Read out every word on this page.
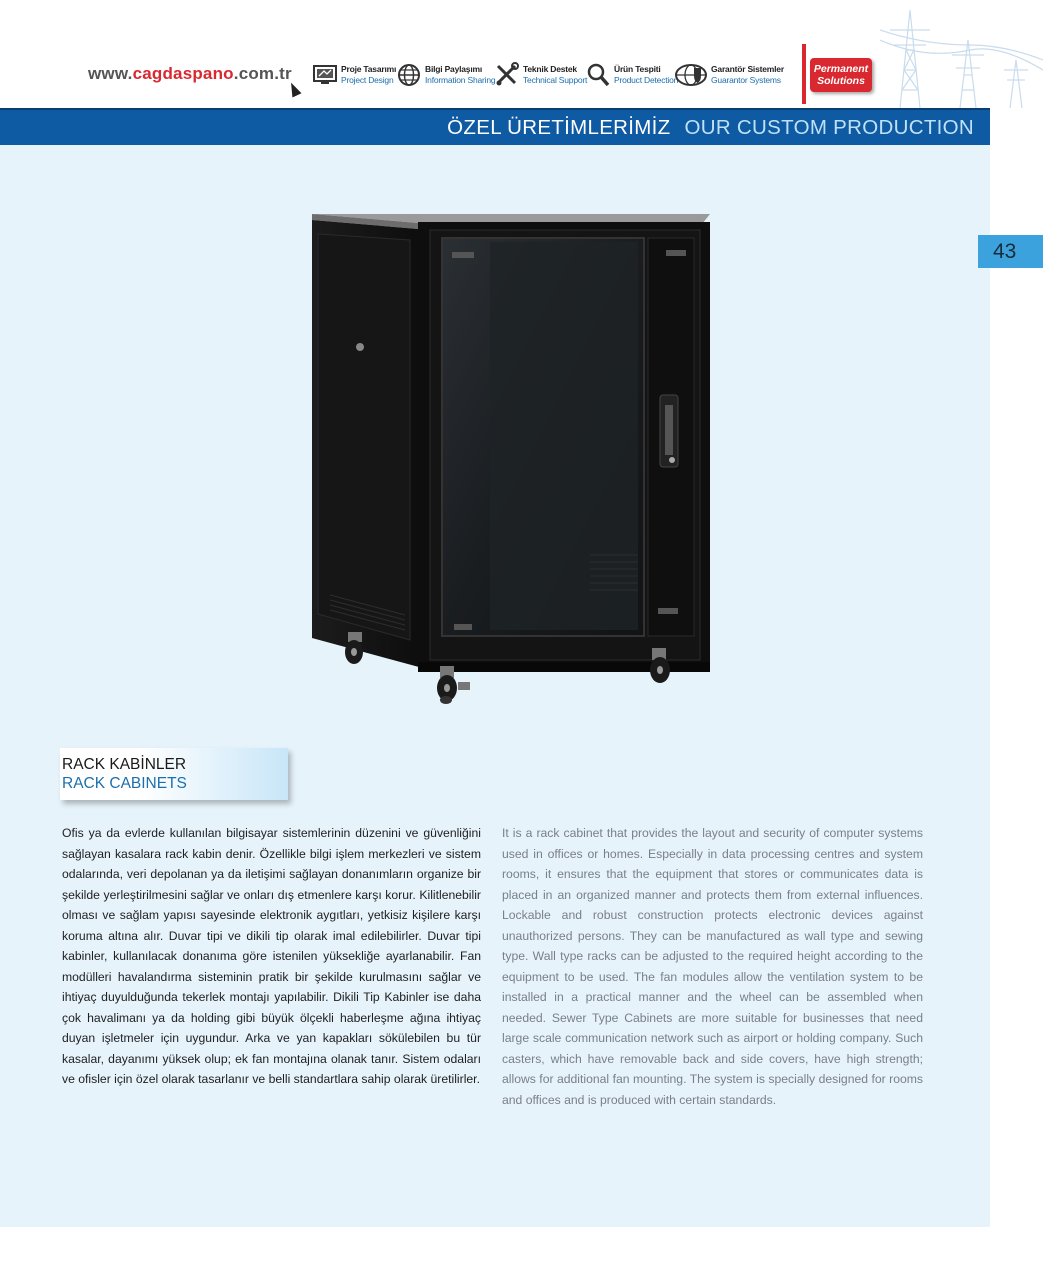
www.cagdaspano.com.tr	Proje Tasarımı
Project Design
Bilgi Paylaşımı
Information Sharing
Teknik Destek
Technical Support
Ürün Tespiti
Product Detection
Garantör Sistemler
Guarantor Systems
Permanent
Solutions
ÖZEL ÜRETİMLERİMİZ OUR CUSTOM PRODUCTION
43
RACK KABİNLER
RACK CABINETS
Ofis ya da evlerde kullanılan bilgisayar sistemlerinin düzenini ve güvenliğini sağlayan kasalara rack kabin denir. Özellikle bilgi işlem merkezleri ve sistem odalarında, veri depolanan ya da iletişimi sağlayan donanımların organize bir şekilde yerleştirilmesini sağlar ve onları dış etmenlere karşı korur. Kilitlenebilir olması ve sağlam yapısı sayesinde elektronik aygıtları, yetkisiz kişilere karşı koruma altına alır. Duvar tipi ve dikili tip olarak imal edilebilirler. Duvar tipi kabinler, kullanılacak donanıma göre istenilen yüksekliğe ayarlanabilir. Fan modülleri havalandırma sisteminin pratik bir şekilde kurulmasını sağlar ve ihtiyaç duyulduğunda tekerlek montajı yapılabilir. Dikili Tip Kabinler ise daha çok havalimanı ya da holding gibi büyük ölçekli haberleşme ağına ihtiyaç duyan işletmeler için uygundur. Arka ve yan kapakları sökülebilen bu tür kasalar, dayanımı yüksek olup; ek fan montajına olanak tanır. Sistem odaları ve ofisler için özel olarak tasarlanır ve belli standartlara sahip olarak üretilirler.
It is a rack cabinet that provides the layout and security of computer systems used in offices or homes. Especially in data processing centres and system rooms, it ensures that the equipment that stores or communicates data is placed in an organized manner and protects them from external influences. Lockable and robust construction protects electronic devices against unauthorized persons. They can be manufactured as wall type and sewing type. Wall type racks can be adjusted to the required height according to the equipment to be used. The fan modules allow the ventilation system to be installed in a practical manner and the wheel can be assembled when needed. Sewer Type Cabinets are more suitable for businesses that need large scale communication network such as airport or holding company. Such casters, which have removable back and side covers, have high strength; allows for additional fan mounting. The system is specially designed for rooms and offices and is produced with certain standards.
